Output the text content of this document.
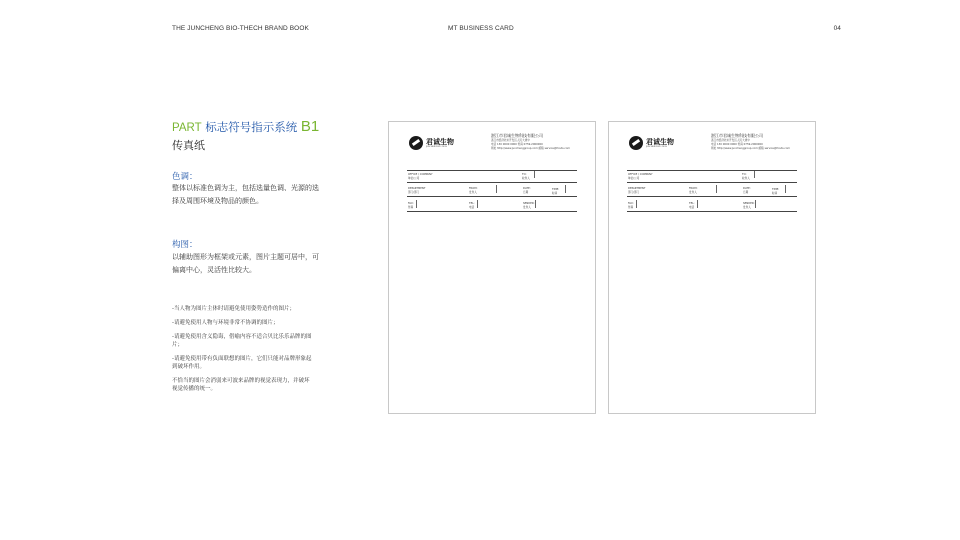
THE JUNCHENG BIO-THECH BRAND BOOK	MT BUSINESS CARD	04
PART 标志符号指示系统 B1
传真纸
色调：
整体以标准色调为主，包括选量色调、光源的选择及周围环境及物品的颜色。
构图：
以辅助图形为框架或元素，图片主题可居中，可偏离中心，灵活性比较大。
-当人物为图片主体时请避免使用姿势造作的图片；
-请避免使用人物与环境非常不协调的图片；
-请避免使用含义隐诲，借喻内容不适合贝比乐乐品牌的图片；
-请避免使用带有负面联想的图片，它们只能对品牌形象起到破坏作用。
不恰当的图片会消弱来可波来品牌的视觉表现力，并破坏视觉传播的统一。
君诚生物
JUNCHENG BIO-TECH
湛江市君诚生物科技有限公司
湛江市经济技术开发区人民大道中
电话 130 0000 0000 传真 0759-2000000
网址 http://www.junchenggroup.com 邮箱 service@foods.com
OFFICE / COMPANY
单位/公司
TO:
收件人
DEPARTMENT
部门/部门
FROM:
发件人
DATE:
日期
TIME:
时间
FAX:
传真
TEL:
电话
SENDER:
发件人
君诚生物
JUNCHENG BIO-TECH
湛江市君诚生物科技有限公司
湛江市经济技术开发区人民大道中
电话 130 0000 0000 传真 0759-2000000
网址 http://www.junchenggroup.com 邮箱 service@foods.com
OFFICE / COMPANY
单位/公司
TO:
收件人
DEPARTMENT
部门/部门
FROM:
发件人
DATE:
日期
TIME:
时间
FAX:
传真
TEL:
电话
SENDER:
发件人
